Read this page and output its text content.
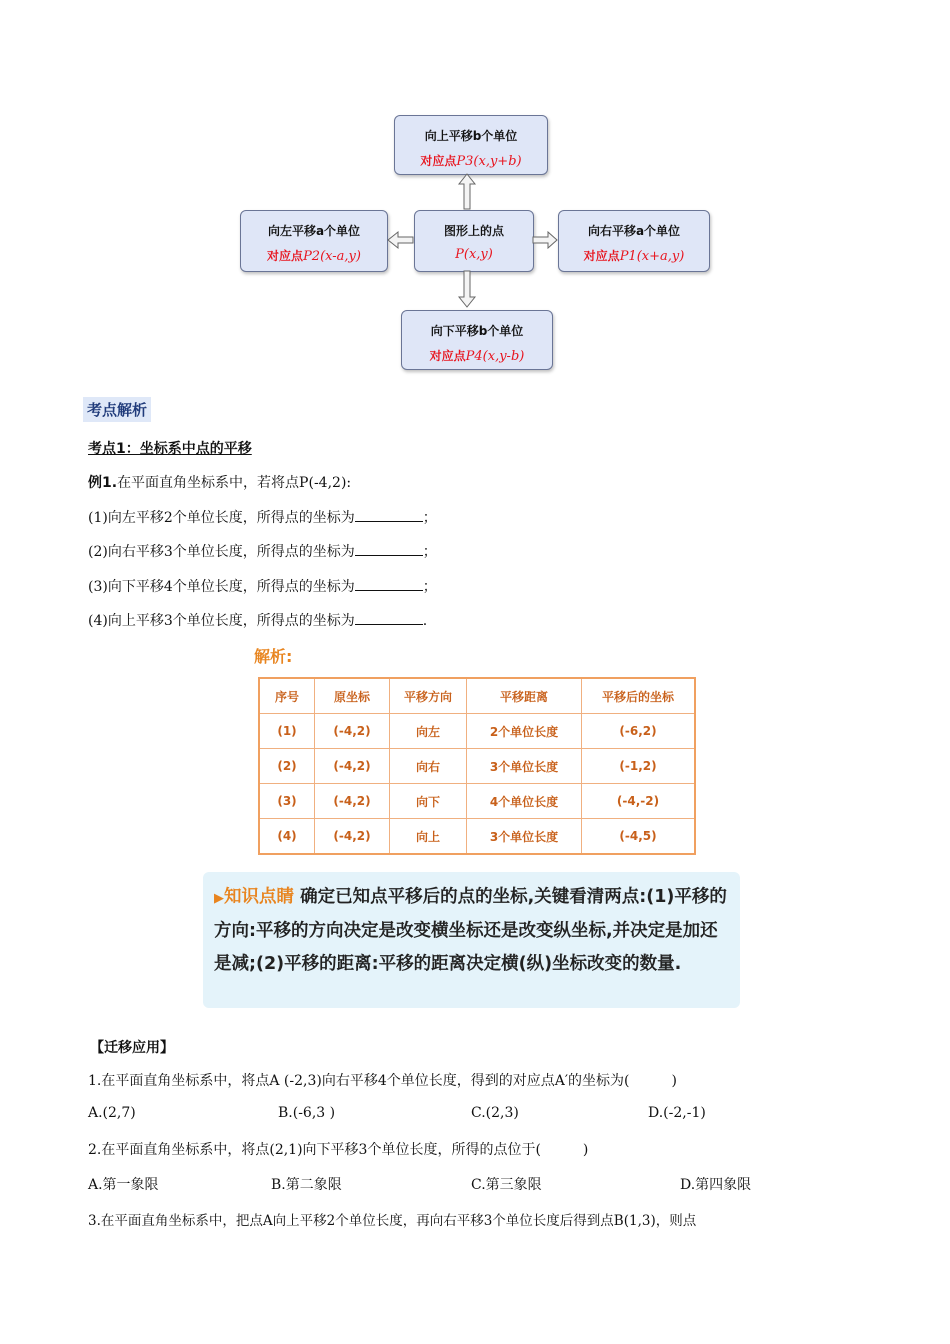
向上平移b个单位
对应点P3(x,y+b)
向左平移a个单位
对应点P2(x-a,y)
图形上的点
P(x,y)
向右平移a个单位
对应点P1(x+a,y)
向下平移b个单位
对应点P4(x,y-b)
考点解析
考点1：坐标系中点的平移
例1.在平面直角坐标系中，若将点P(-4,2):
(1)向左平移2个单位长度，所得点的坐标为	；
(2)向右平移3个单位长度，所得点的坐标为	；
(3)向下平移4个单位长度，所得点的坐标为	；
(4)向上平移3个单位长度，所得点的坐标为	.
解析:
序号	原坐标	平移方向	平移距离	平移后的坐标
(1)	(-4,2)	向左	2个单位长度	(-6,2)
(2)	(-4,2)	向右	3个单位长度	(-1,2)
(3)	(-4,2)	向下	4个单位长度	(-4,-2)
(4)	(-4,2)	向上	3个单位长度	(-4,5)
▶知识点睛 确定已知点平移后的点的坐标,关键看清两点:(1)平移的方向:平移的方向决定是改变横坐标还是改变纵坐标,并决定是加还是减;(2)平移的距离:平移的距离决定横(纵)坐标改变的数量.
【迁移应用】
1.在平面直角坐标系中，将点A (-2,3)向右平移4个单位长度，得到的对应点A′的坐标为(　　　)
A.(2,7)	B.(-6,3 )	C.(2,3)	D.(-2,-1)
2.在平面直角坐标系中，将点(2,1)向下平移3个单位长度，所得的点位于(　　　)
A.第一象限	B.第二象限	C.第三象限	D.第四象限
3.在平面直角坐标系中，把点A向上平移2个单位长度，再向右平移3个单位长度后得到点B(1,3)，则点
